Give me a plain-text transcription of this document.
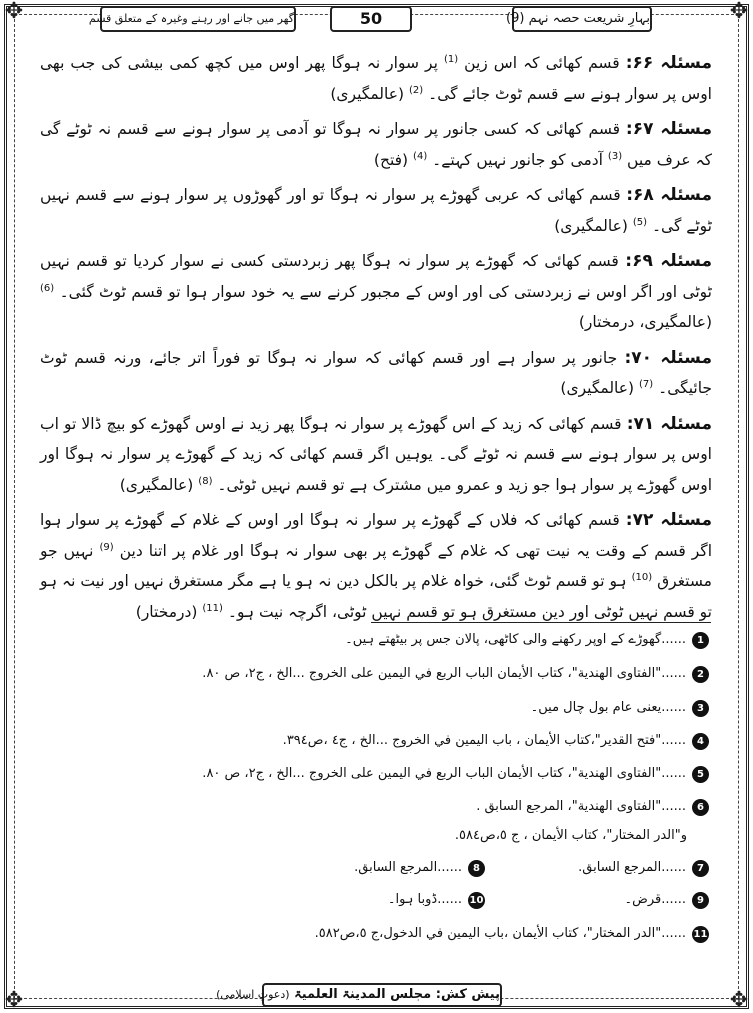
✥	✥
✥	✥
گھر میں جانے اور رہنے وغیرہ کے متعلق قسم	50	بہارِ شریعت حصہ نہم (9)

مسئلہ ۶۶: قسم کھائی کہ اس زین $^{(1)}$ پر سوار نہ ہوگا پھر اوس میں کچھ کمی بیشی کی جب بھی اوس پر سوار ہونے سے قسم ٹوٹ جائے گی۔ $^{(2)}$ (عالمگیری)

مسئلہ ۶۷: قسم کھائی کہ کسی جانور پر سوار نہ ہوگا تو آدمی پر سوار ہونے سے قسم نہ ٹوٹے گی کہ عرف میں $^{(3)}$ آدمی کو جانور نہیں کہتے۔ $^{(4)}$ (فتح)

مسئلہ ۶۸: قسم کھائی کہ عربی گھوڑے پر سوار نہ ہوگا تو اور گھوڑوں پر سوار ہونے سے قسم نہیں ٹوٹے گی۔ $^{(5)}$ (عالمگیری)

مسئلہ ۶۹: قسم کھائی کہ گھوڑے پر سوار نہ ہوگا پھر زبردستی کسی نے سوار کردیا تو قسم نہیں ٹوٹی اور اگر اوس نے زبردستی کی اور اوس کے مجبور کرنے سے یہ خود سوار ہوا تو قسم ٹوٹ گئی۔ $^{(6)}$ (عالمگیری، درمختار)

مسئلہ ۷۰: جانور پر سوار ہے اور قسم کھائی کہ سوار نہ ہوگا تو فوراً اتر جائے، ورنہ قسم ٹوٹ جائیگی۔ $^{(7)}$ (عالمگیری)

مسئلہ ۷۱: قسم کھائی کہ زید کے اس گھوڑے پر سوار نہ ہوگا پھر زید نے اوس گھوڑے کو بیچ ڈالا تو اب اوس پر سوار ہونے سے قسم نہ ٹوٹے گی۔ یوہیں اگر قسم کھائی کہ زید کے گھوڑے پر سوار نہ ہوگا اور اوس گھوڑے پر سوار ہوا جو زید و عمرو میں مشترک ہے تو قسم نہیں ٹوٹی۔ $^{(8)}$ (عالمگیری)

مسئلہ ۷۲: قسم کھائی کہ فلاں کے گھوڑے پر سوار نہ ہوگا اور اوس کے غلام کے گھوڑے پر سوار ہوا اگر قسم کے وقت یہ نیت تھی کہ غلام کے گھوڑے پر بھی سوار نہ ہوگا اور غلام پر اتنا دین $^{(9)}$ نہیں جو مستغرق $^{(10)}$ ہو تو قسم ٹوٹ گئی، خواہ غلام پر بالکل دین نہ ہو یا ہے مگر مستغرق نہیں اور نیت نہ ہو تو قسم نہیں ٹوٹی اور دین مستغرق ہو تو قسم نہیں ٹوٹی، اگرچہ نیت ہو۔ $^{(11)}$ (درمختار)

1
......گھوڑے کے اوپر رکھنے والی کاٹھی، پالان جس پر بیٹھتے ہیں۔
2
......"الفتاوى الهندية"، كتاب الأيمان الباب الربع في اليمين على الخروج ...الخ ، ج٢، ص ٨٠.
3
......یعنی عام بول چال میں۔
4
......"فتح القدير"،كتاب الأيمان ، باب اليمين في الخروج ...الخ ، ج٤ ،ص٣٩٤.
5
......"الفتاوى الهندية"، كتاب الأيمان الباب الربع في اليمين على الخروج ...الخ ، ج٢، ص ٨٠.
6
......"الفتاوى الهندية"، المرجع السابق .
و"الدر المختار"، كتاب الأيمان ، ج ٥،ص٥٨٤.
7
......المرجع السابق.
8
......المرجع السابق.
9
......قرض۔
10
......ڈوبا ہوا۔
11
......"الدر المختار"، كتاب الأيمان ،باب اليمين في الدخول،ج ٥،ص٥٨٢.
پیش کش: مجلس المدینۃ العلمیۃ (دعوتِ اسلامی)
